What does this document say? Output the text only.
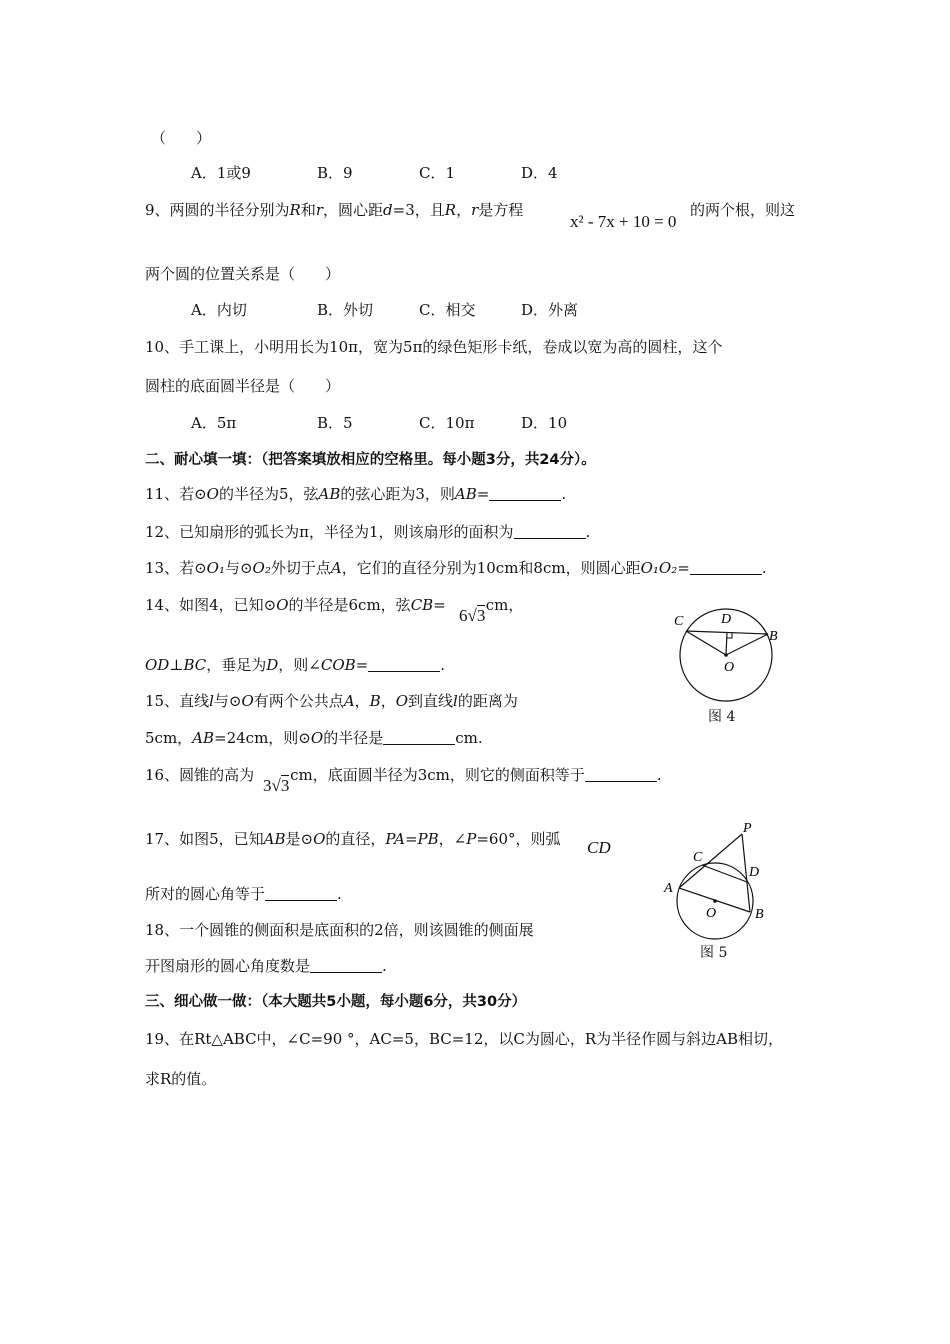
（　　）
A．1或9	B．9	C．1	D．4
9、两圆的半径分别为R和r，圆心距d=3，且R，r是方程
x² - 7x + 10 = 0
的两个根，则这
两个圆的位置关系是（　　）
A．内切	B．外切	C．相交	D．外离
10、手工课上，小明用长为10π，宽为5π的绿色矩形卡纸，卷成以宽为高的圆柱，这个
圆柱的底面圆半径是（　　）
A．5π	B．5	C．10π	D．10
二、耐心填一填：（把答案填放相应的空格里。每小题3分，共24分）。
11、若⊙O的半径为5，弦AB的弦心距为3，则AB=	.
12、已知扇形的弧长为π，半径为1，则该扇形的面积为	.
13、若⊙O₁与⊙O₂外切于点A，它们的直径分别为10cm和8cm，则圆心距O₁O₂=	.
14、如图4，已知⊙O的半径是6cm，弦CB=	cm，
6√3
OD⊥BC，垂足为D，则∠COB=	.
C	D
B
O
图 4
15、直线l与⊙O有两个公共点A，B，O到直线l的距离为
5cm，AB=24cm，则⊙O的半径是	cm.
16、圆锥的高为 cm，底面圆半径为3cm，则它的侧面积等于	.
3√3
17、如图5，已知AB是⊙O的直径，PA=PB，∠P=60°，则弧 CD
所对的圆心角等于	.
P
C
D
A
O	B
图 5
18、一个圆锥的侧面积是底面积的2倍，则该圆锥的侧面展
开图扇形的圆心角度数是	.
三、细心做一做：（本大题共5小题，每小题6分，共30分）
19、在Rt△ABC中，∠C=90 °，AC=5，BC=12，以C为圆心，R为半径作圆与斜边AB相切，
求R的值。
